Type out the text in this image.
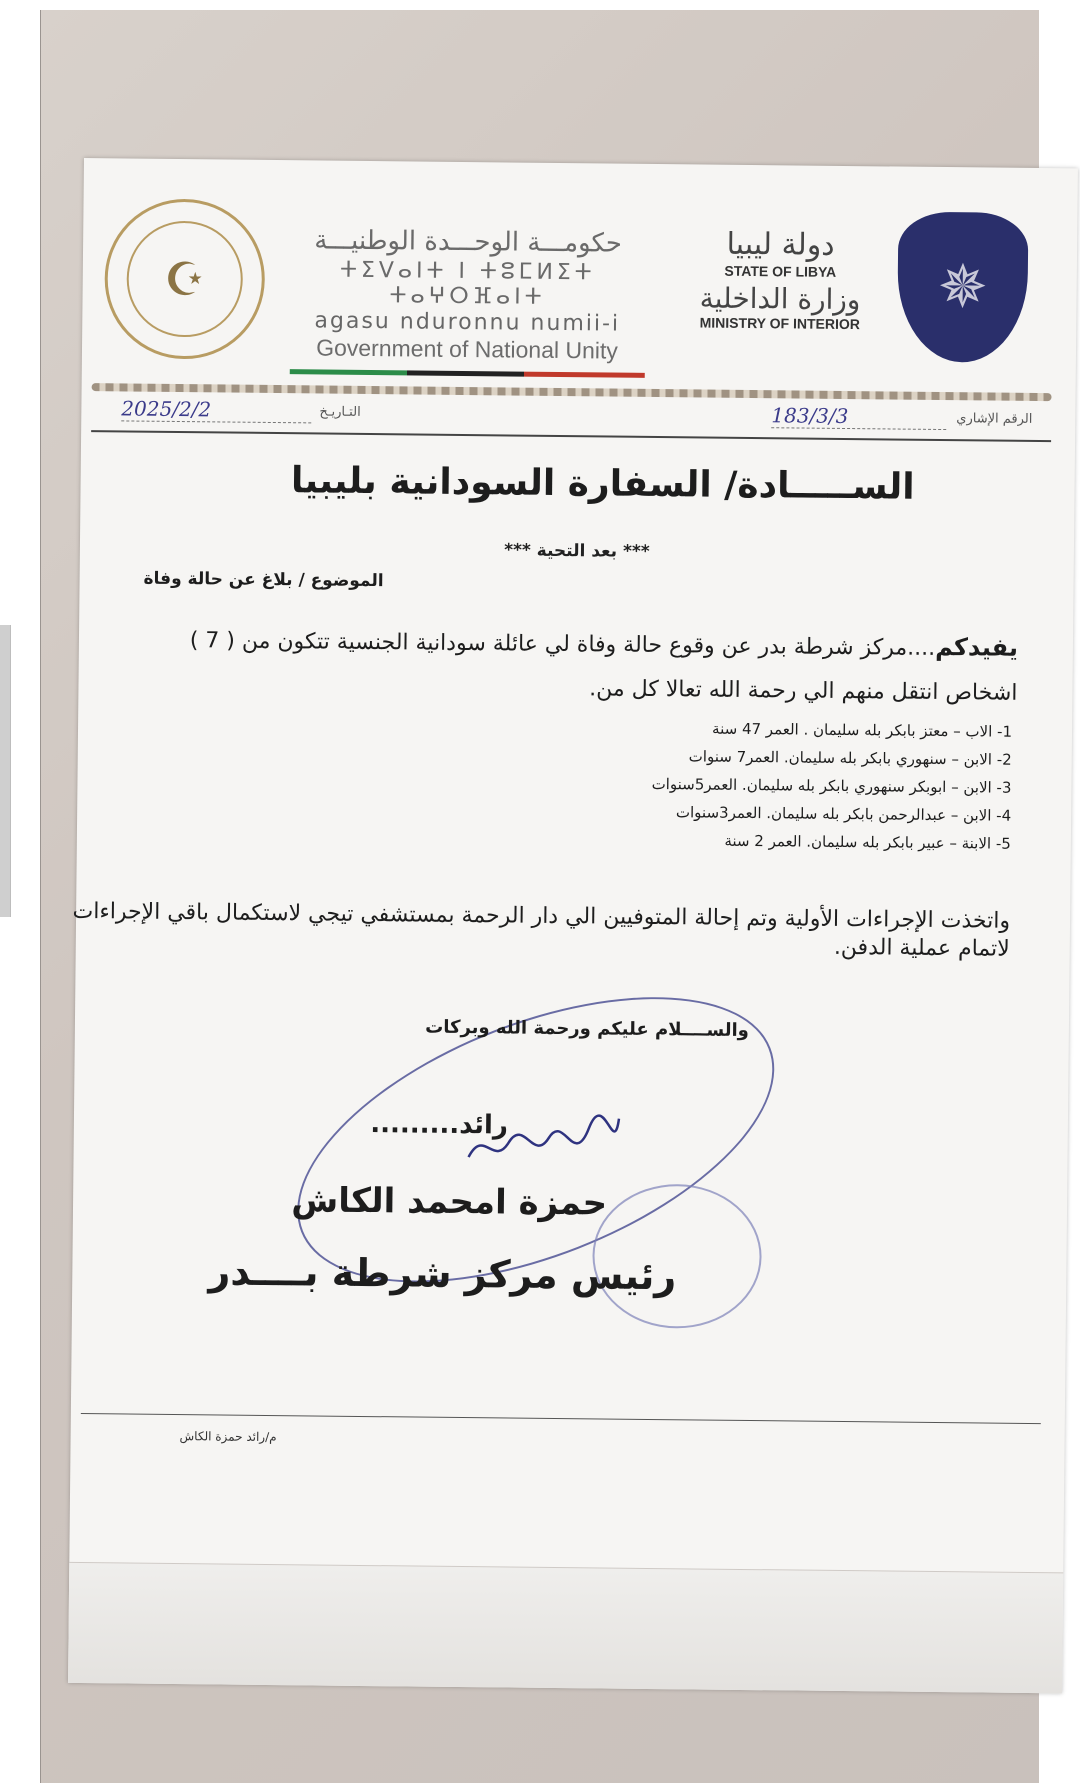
☪
حكومـــة الوحـــدة الوطنيـــة
ⵜⵉⴸⴰⵏⵜ ⵏ ⵜⵓⵎⵍⵉⵜ ⵜⴰⵖⵔⴼⴰⵏⵜ
agasu nduronnu numii-i
Government of National Unity
دولة ليبيا
STATE OF LIBYA
وزارة الداخلية
MINISTRY OF INTERIOR
✵
2025/2/2	التـاريـخ	183/3/3	الرقم الإشاري
الســـــادة/ السفارة السودانية بليبيا
*** بعد التحية ***
الموضوع / بلاغ عن حالة وفاة
يفيدكم....مركز شرطة بدر عن وقوع حالة وفاة لي عائلة سودانية الجنسية تتكون من ( 7 )
اشخاص انتقل منهم الي رحمة الله تعالا كل من.
1- الاب – معتز بابكر بله سليمان . العمر 47 سنة
2- الابن – سنهوري بابكر بله سليمان. العمر7 سنوات
3- الابن – ابوبكر سنهوري بابكر بله سليمان. العمر5سنوات
4- الابن – عبدالرحمن بابكر بله سليمان. العمر3سنوات
5- الابنة – عبير بابكر بله سليمان. العمر 2 سنة
واتخذت الإجراءات الأولية وتم إحالة المتوفيين الي دار الرحمة بمستشفي تيجي لاستكمال باقي الإجراءات لاتمام عملية الدفن.
والســــلام عليكم ورحمة الله وبركات
رائد.........
حمزة امحمد الكاش
رئيس مركز شرطة بــــدر
م/رائد حمزة الكاش
